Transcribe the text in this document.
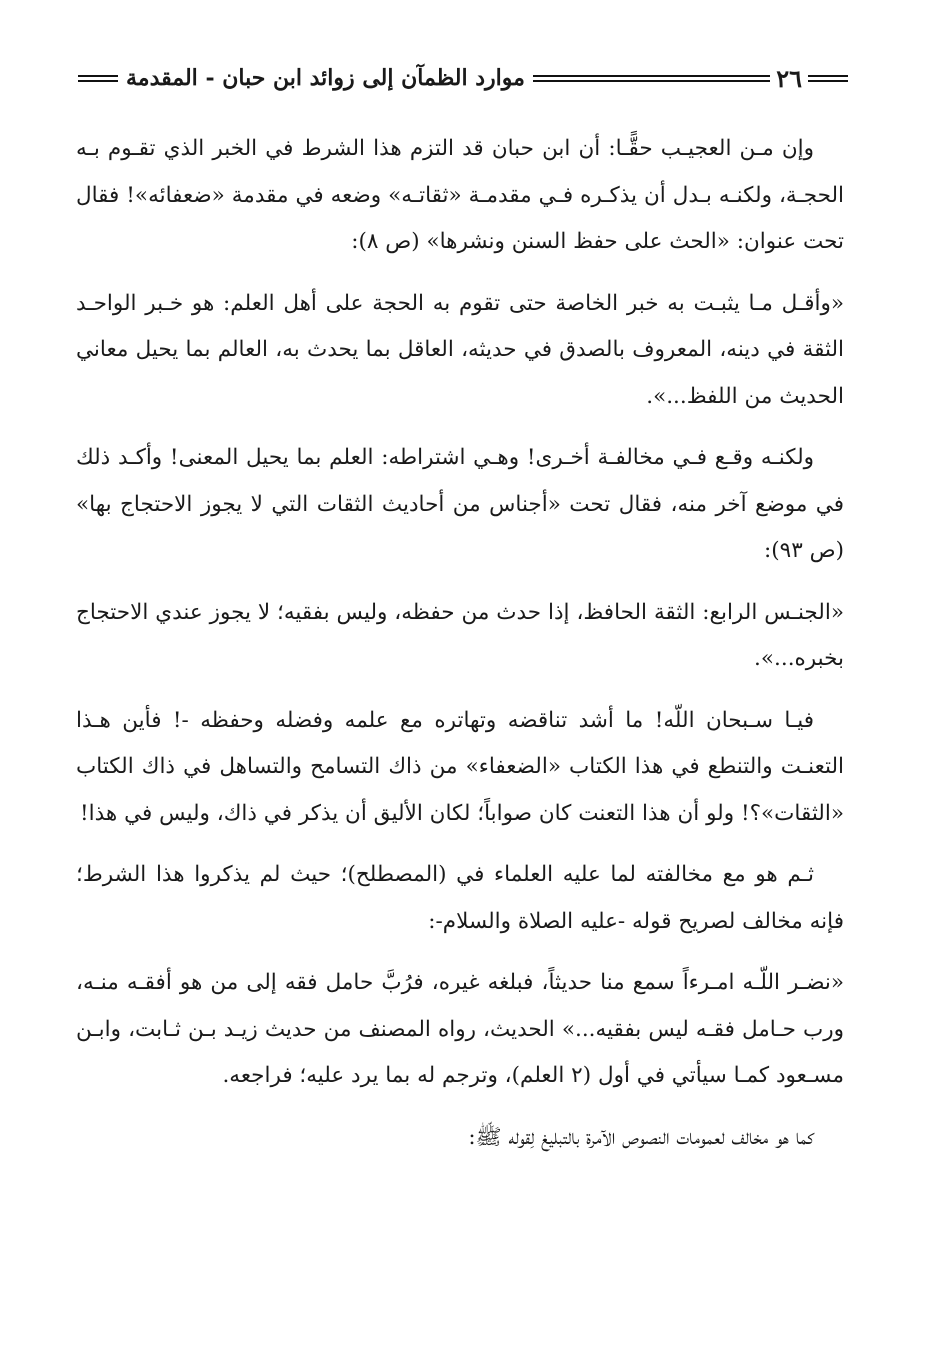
٢٦
موارد الظمآن إلى زوائد ابن حبان - المقدمة

وإن مـن العجيـب حقًّـا: أن ابن حبان قد التزم هذا الشرط في الخبر الذي تقـوم بـه الحجـة، ولكنـه بـدل أن يذكـره فـي مقدمـة «ثقاتـه» وضعه في مقدمة «ضعفائه»! فقال تحت عنوان: «الحث على حفظ السنن ونشرها» (ص ٨):

«وأقـل مـا يثبـت به خبر الخاصة حتى تقوم به الحجة على أهل العلم: هو خـبر الواحـد الثقة في دينه، المعروف بالصدق في حديثه، العاقل بما يحدث به، العالم بما يحيل معاني الحديث من اللفظ...».

ولكنـه وقـع فـي مخالفـة أخـرى! وهـي اشتراطه: العلم بما يحيل المعنى! وأكـد ذلك في موضع آخر منه، فقال تحت «أجناس من أحاديث الثقات التي لا يجوز الاحتجاج بها» (ص ٩٣):

«الجنـس الرابع: الثقة الحافظ، إذا حدث من حفظه، وليس بفقيه؛ لا يجوز عندي الاحتجاج بخبره...».

فيـا سـبحان اللّه! ما أشد تناقضه وتهاتره مع علمه وفضله وحفظه -! فأين هـذا التعنـت والتنطع في هذا الكتاب «الضعفاء» من ذاك التسامح والتساهل في ذاك الكتاب «الثقات»؟! ولو أن هذا التعنت كان صواباً؛ لكان الأليق أن يذكر في ذاك، وليس في هذا!

ثـم هو مع مخالفته لما عليه العلماء في (المصطلح)؛ حيث لم يذكروا هذا الشرط؛ فإنه مخالف لصريح قوله -عليه الصلاة والسلام-:

«نضـر اللّـه امـرءاً سمع منا حديثاً، فبلغه غيره، فرُبَّ حامل فقه إلى من هو أفقـه منـه، ورب حـامل فقـه ليس بفقيه...» الحديث، رواه المصنف من حديث زيـد بـن ثـابت، وابـن مسـعود كمـا سيأتي في أول (٢ العلم)، وترجم له بما يرد عليه؛ فراجعه.

كما هو مخالف لعمومات النصوص الآمرة بالتبليغ لِقوله ﷺ:
